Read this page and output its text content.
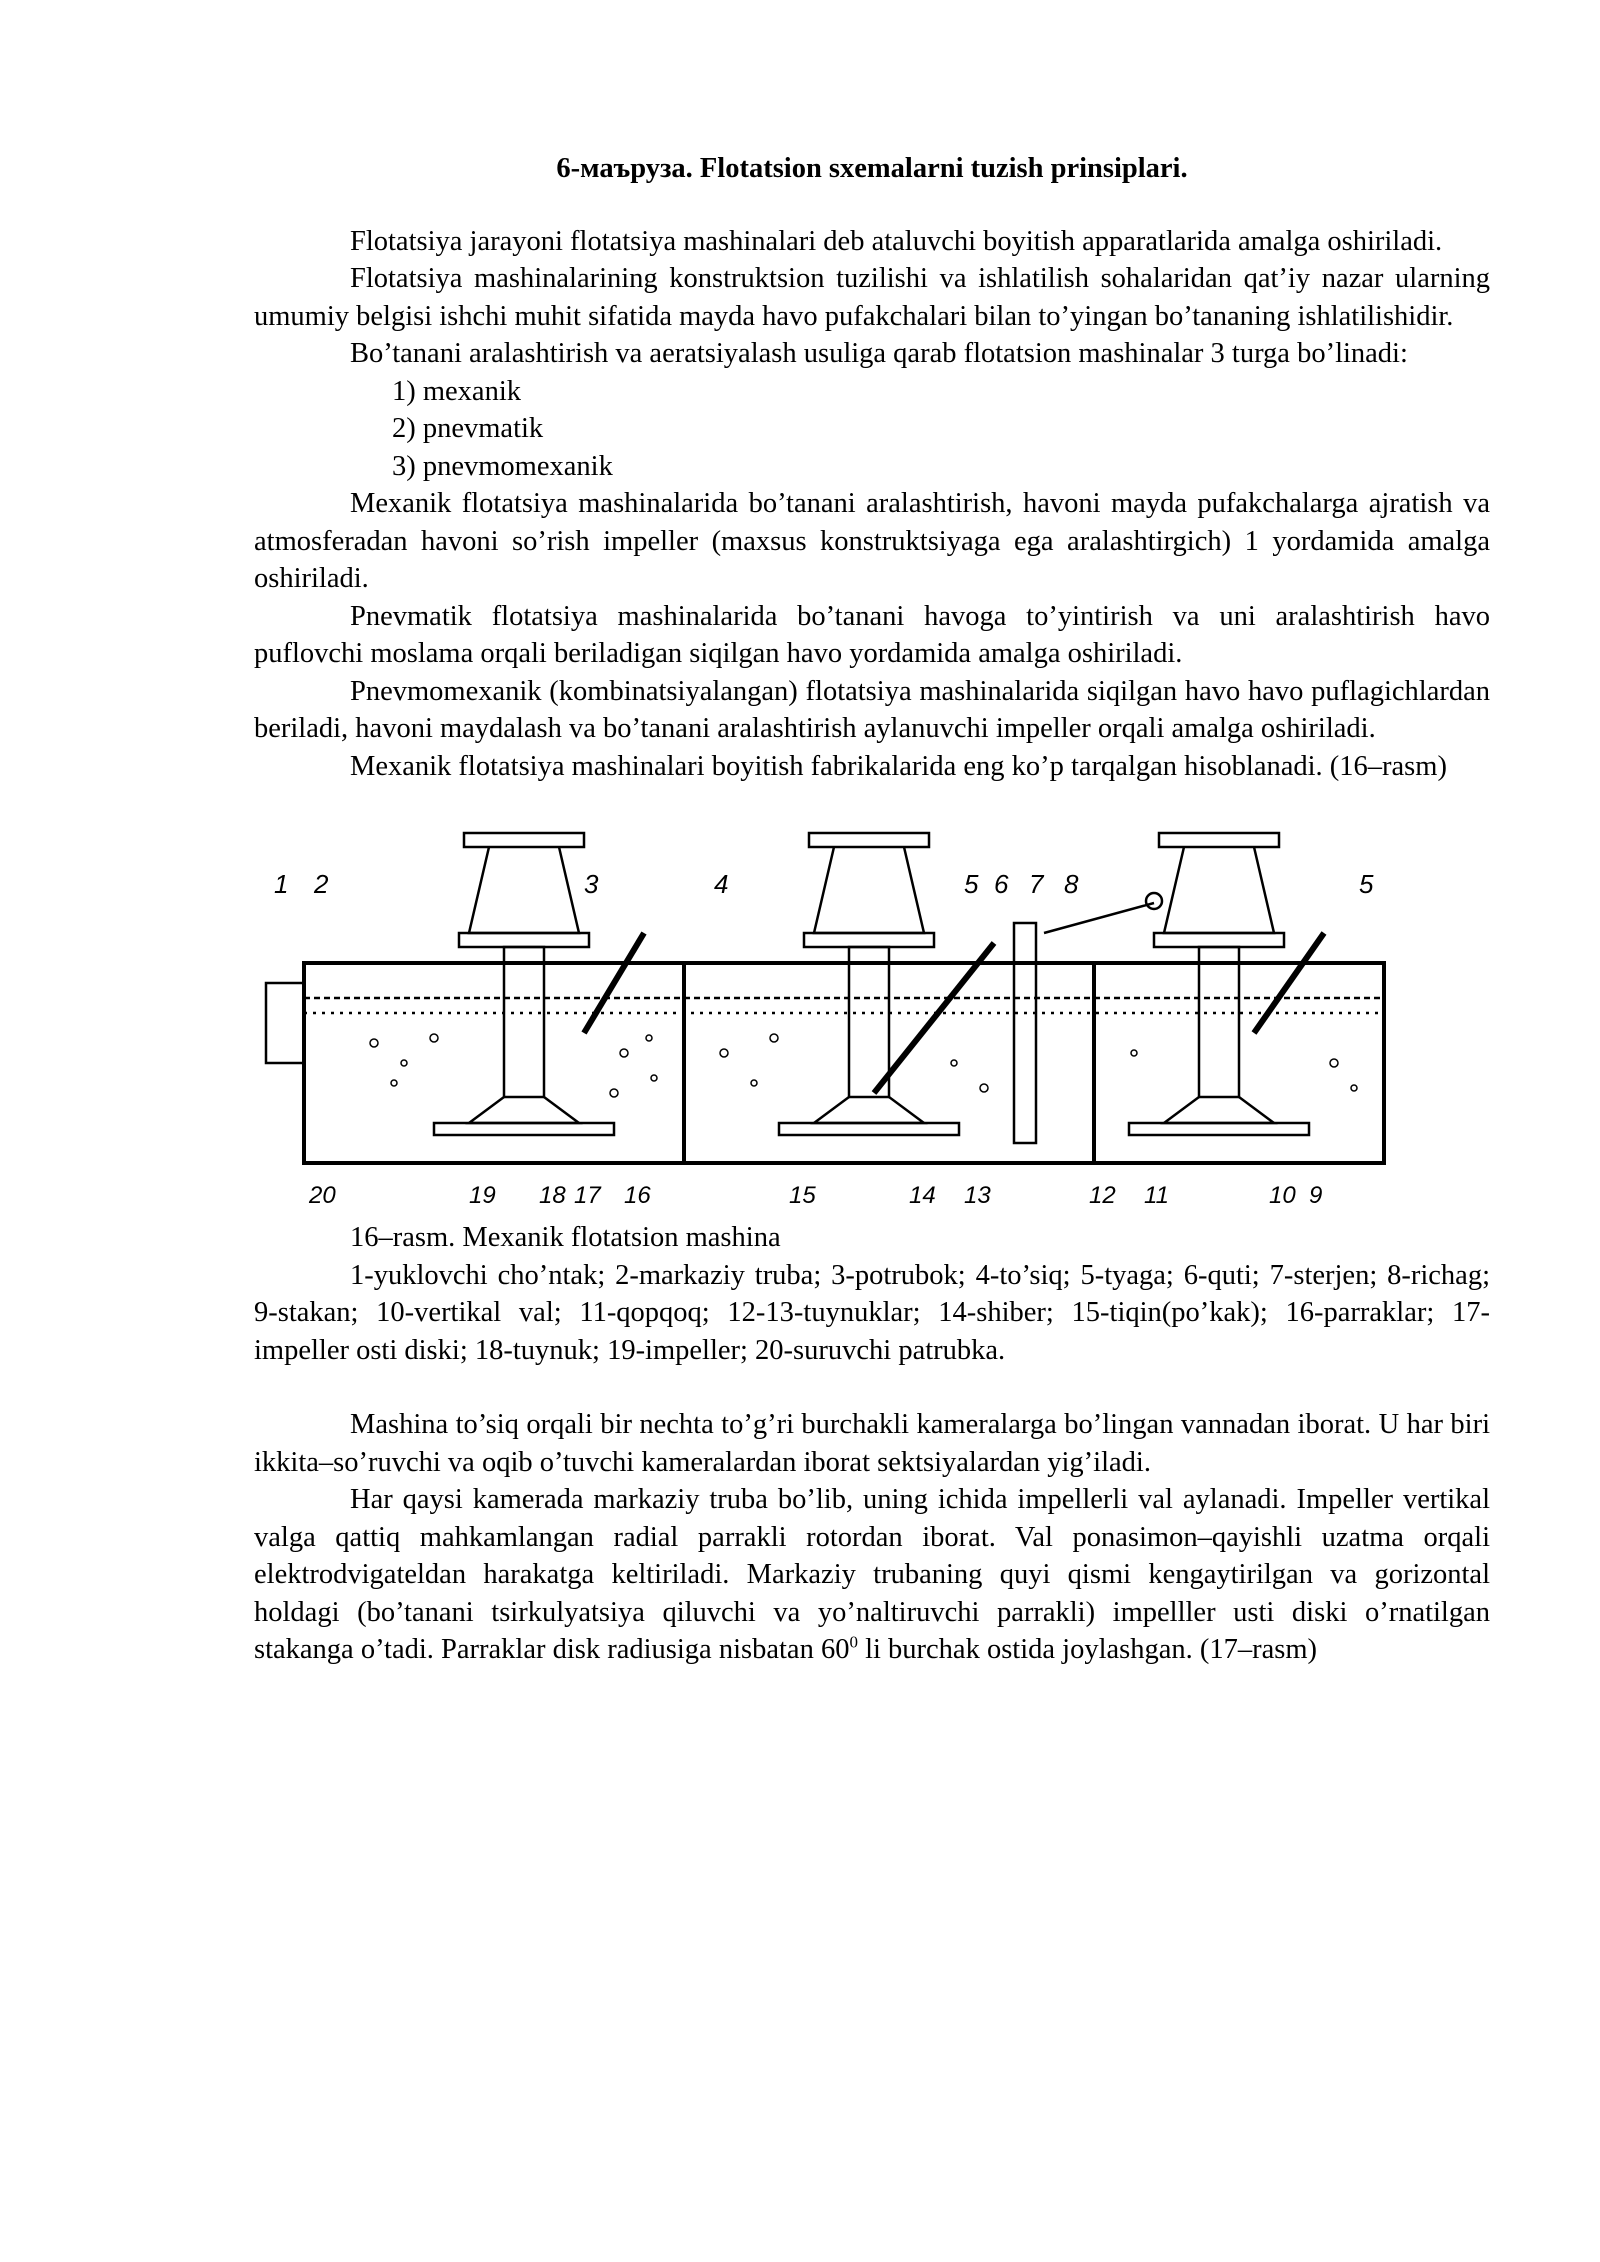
6-маъруза. Flotatsion sxemalarni tuzish prinsiplari.

Flotatsiya jarayoni flotatsiya mashinalari deb ataluvchi boyitish apparatlarida amalga oshiriladi.

Flotatsiya mashinalarining konstruktsion tuzilishi va ishlatilish sohalaridan qat’iy nazar ularning umumiy belgisi ishchi muhit sifatida mayda havo pufakchalari bilan to’yingan bo’tananing ishlatilishidir.

Bo’tanani aralashtirish va aeratsiyalash usuliga qarab flotatsion mashinalar 3 turga bo’linadi:

1) mexanik
2) pnevmatik
3) pnevmomexanik

Mexanik flotatsiya mashinalarida bo’tanani aralashtirish, havoni mayda pufakchalarga ajratish va atmosferadan havoni so’rish impeller (maxsus konstruktsiyaga ega aralashtirgich) 1 yordamida amalga oshiriladi.

Pnevmatik flotatsiya mashinalarida bo’tanani havoga to’yintirish va uni aralashtirish havo puflovchi moslama orqali beriladigan siqilgan havo yordamida amalga oshiriladi.

Pnevmomexanik (kombinatsiyalangan) flotatsiya mashinalarida siqilgan havo havo puflagichlardan beriladi, havoni maydalash va bo’tanani aralashtirish aylanuvchi impeller orqali amalga oshiriladi.

Mexanik flotatsiya mashinalari boyitish fabrikalarida eng ko’p tarqalgan hisoblanadi. (16–rasm)

1 2	3	4	5 6 7 8	5
20	19 18 17 16	15	14 13	12 11	10 9
16–rasm. Mexanik flotatsion mashina

1-yuklovchi cho’ntak; 2-markaziy truba; 3-potrubok; 4-to’siq; 5-tyaga; 6-quti; 7-sterjen; 8-richag; 9-stakan; 10-vertikal val; 11-qopqoq; 12-13-tuynuklar; 14-shiber; 15-tiqin(po’kak); 16-parraklar; 17-impeller osti diski; 18-tuynuk; 19-impeller; 20-suruvchi patrubka.

Mashina to’siq orqali bir nechta to’g’ri burchakli kameralarga bo’lingan vannadan iborat. U har biri ikkita–so’ruvchi va oqib o’tuvchi kameralardan iborat sektsiyalardan yig’iladi.

Har qaysi kamerada markaziy truba bo’lib, uning ichida impellerli val aylanadi. Impeller vertikal valga qattiq mahkamlangan radial parrakli rotordan iborat. Val ponasimon–qayishli uzatma orqali elektrodvigateldan harakatga keltiriladi. Markaziy trubaning quyi qismi kengaytirilgan va gorizontal holdagi (bo’tanani tsirkulyatsiya qiluvchi va yo’naltiruvchi parrakli) impelller usti diski o’rnatilgan stakanga o’tadi. Parraklar disk radiusiga nisbatan $60^0$ li burchak ostida joylashgan. (17–rasm)
